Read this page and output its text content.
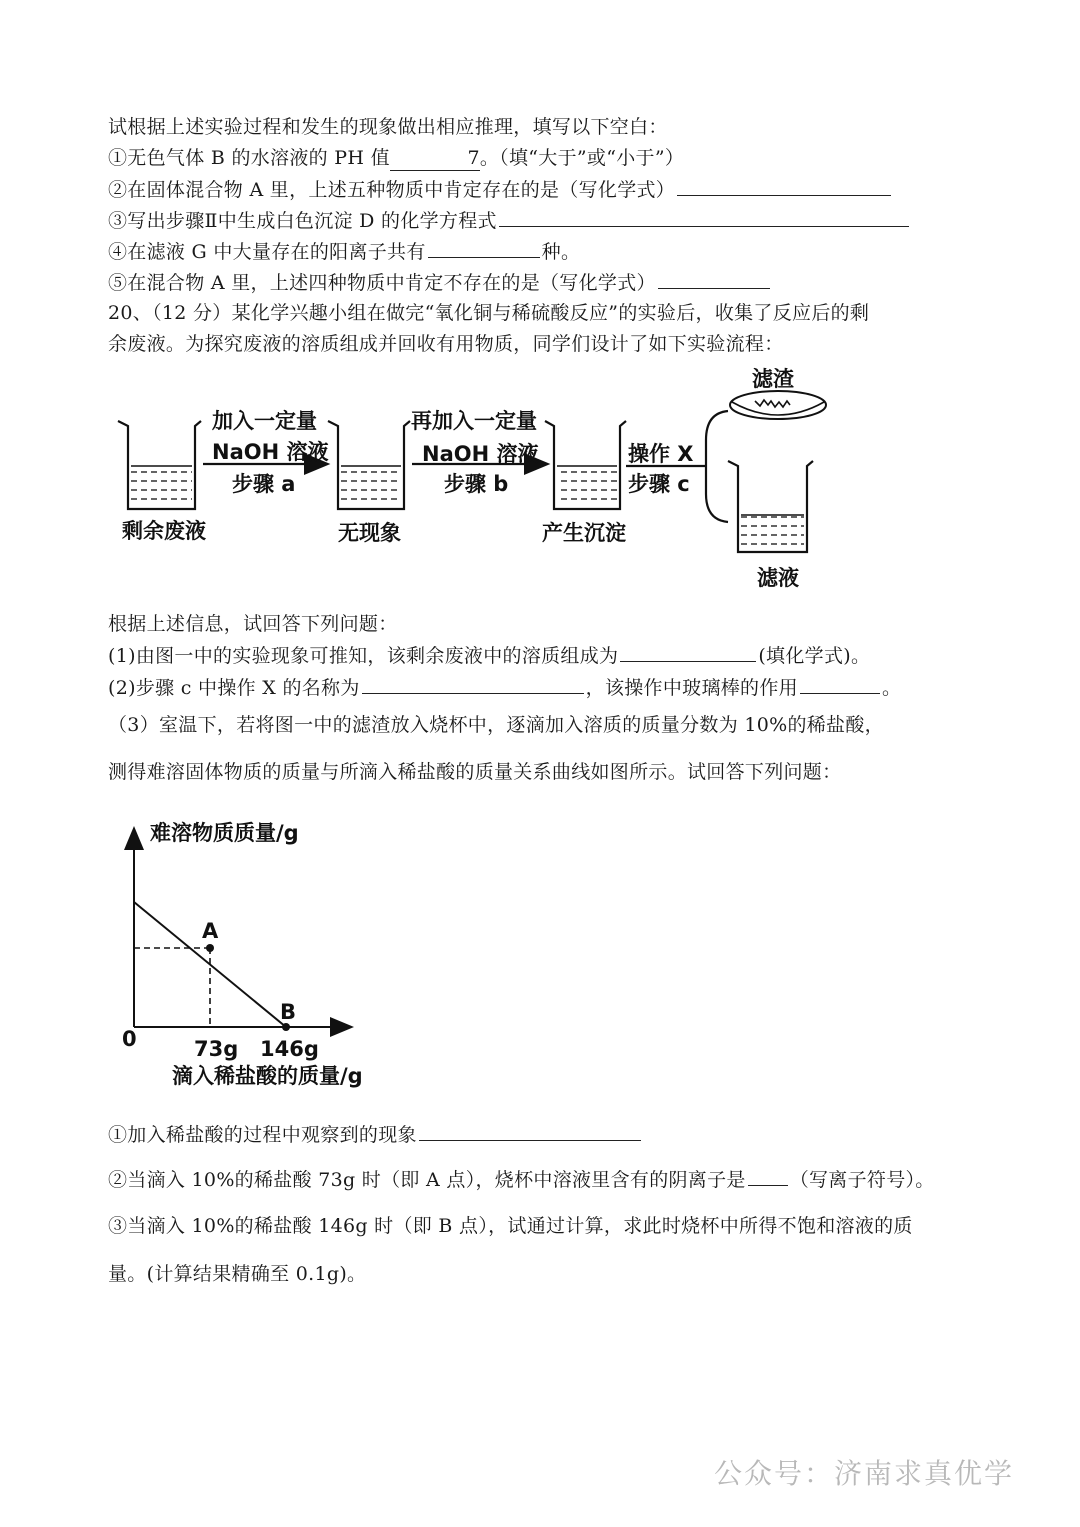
试根据上述实验过程和发生的现象做出相应推理，填写以下空白：
①无色气体 B 的水溶液的 PH 值	7。（填“大于”或“小于”）
②在固体混合物 A 里，上述五种物质中肯定存在的是（写化学式）
③写出步骤Ⅱ中生成白色沉淀 D 的化学方程式
④在滤液 G 中大量存在的阳离子共有	种。
⑤在混合物 A 里，上述四种物质中肯定不存在的是（写化学式）
20、（12 分）某化学兴趣小组在做完“氧化铜与稀硫酸反应”的实验后，收集了反应后的剩
余废液。为探究废液的溶质组成并回收有用物质，同学们设计了如下实验流程：
剩余废液
加入一定量
NaOH 溶液
步骤 a
无现象
再加入一定量
NaOH 溶液
步骤 b
产生沉淀
操作 X
步骤 c
滤渣
滤液
根据上述信息，试回答下列问题：
(1)由图一中的实验现象可推知，该剩余废液中的溶质组成为	(填化学式)。
(2)步骤 c 中操作 X 的名称为	，该操作中玻璃棒的作用	。
（3）室温下，若将图一中的滤渣放入烧杯中，逐滴加入溶质的质量分数为 10%的稀盐酸，
测得难溶固体物质的质量与所滴入稀盐酸的质量关系曲线如图所示。试回答下列问题：
难溶物质质量/g
滴入稀盐酸的质量/g
0
A
B
73g 146g
①加入稀盐酸的过程中观察到的现象
②当滴入 10%的稀盐酸 73g 时（即 A 点），烧杯中溶液里含有的阴离子是 （写离子符号）。
③当滴入 10%的稀盐酸 146g 时（即 B 点），试通过计算，求此时烧杯中所得不饱和溶液的质
量。(计算结果精确至 0.1g)。
公众号：济南求真优学
